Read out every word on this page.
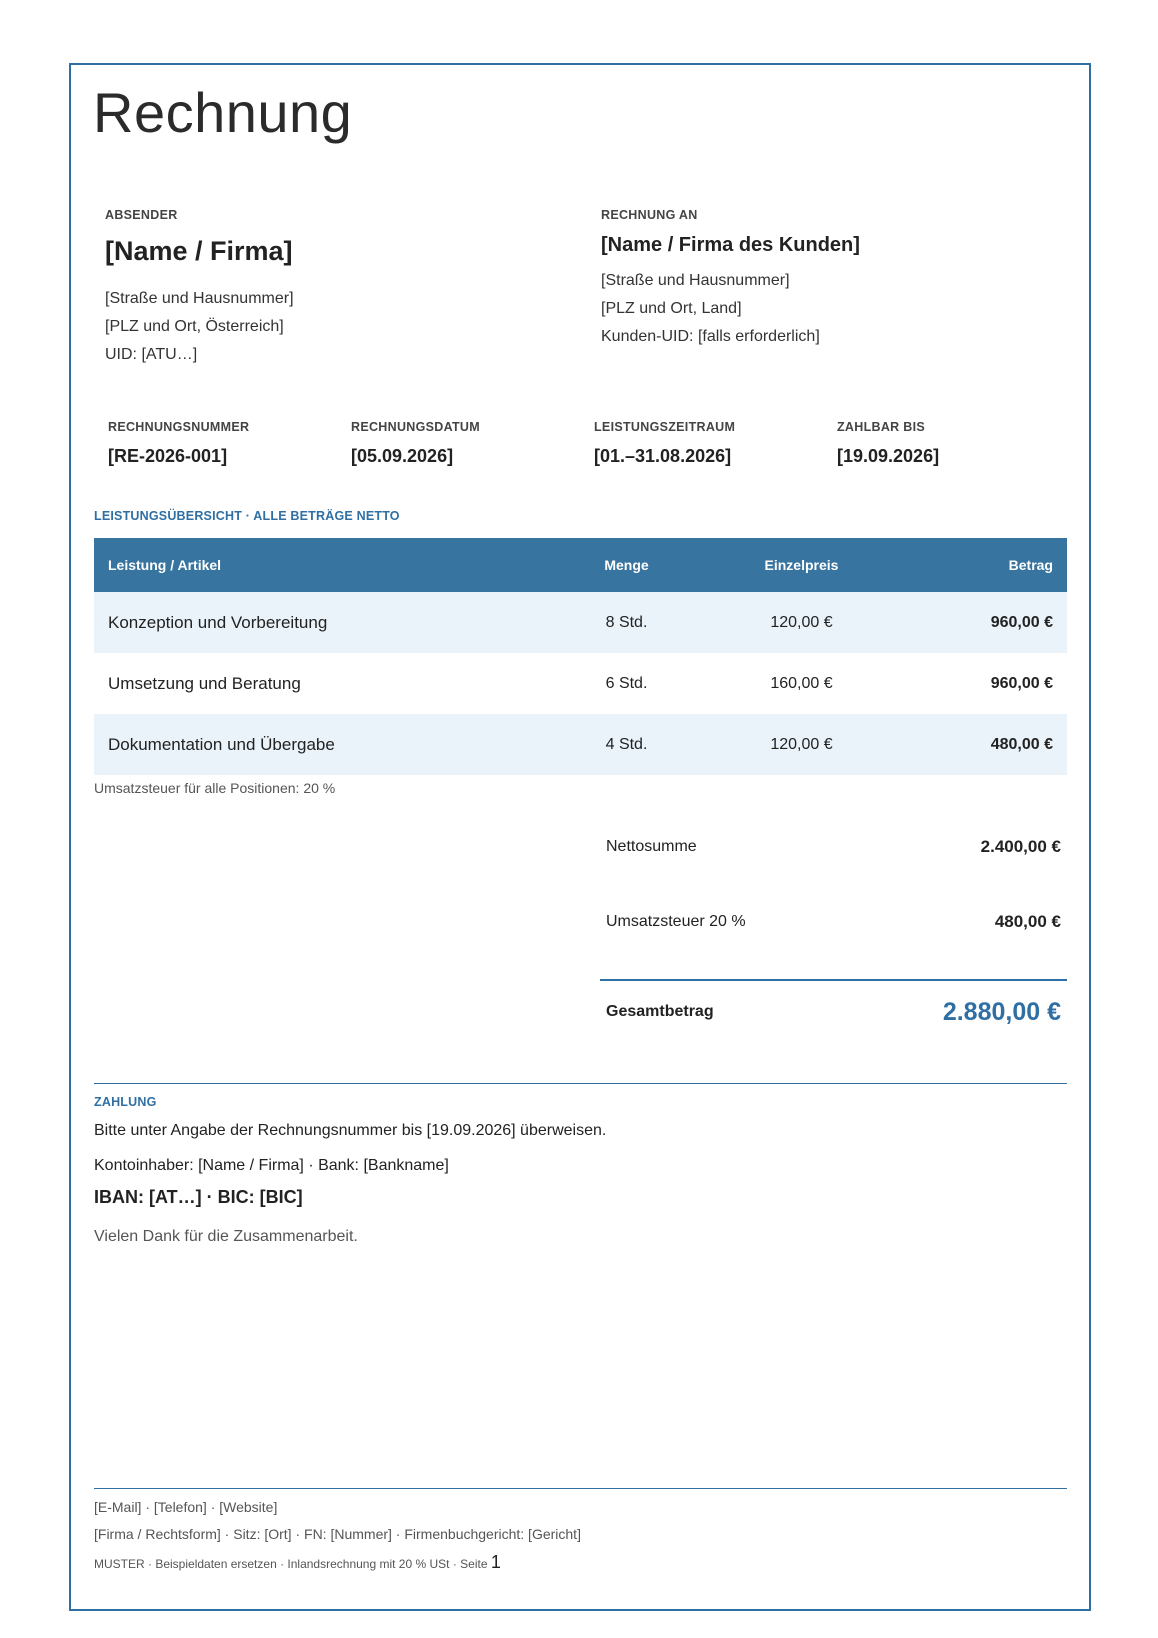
Rechnung
ABSENDER
[Name / Firma]
[Straße und Hausnummer]
[PLZ und Ort, Österreich]
UID: [ATU…]
RECHNUNG AN
[Name / Firma des Kunden]
[Straße und Hausnummer]
[PLZ und Ort, Land]
Kunden-UID: [falls erforderlich]
RECHNUNGSNUMMER
[RE-2026-001]
RECHNUNGSDATUM
[05.09.2026]
LEISTUNGSZEITRAUM
[01.–31.08.2026]
ZAHLBAR BIS
[19.09.2026]
LEISTUNGSÜBERSICHT · ALLE BETRÄGE NETTO
Leistung / Artikel	Menge	Einzelpreis	Betrag
Konzeption und Vorbereitung	8 Std.	120,00 €	960,00 €
Umsetzung und Beratung	6 Std.	160,00 €	960,00 €
Dokumentation und Übergabe	4 Std.	120,00 €	480,00 €
Umsatzsteuer für alle Positionen: 20 %
Nettosumme	2.400,00 €
Umsatzsteuer 20 %	480,00 €
Gesamtbetrag	2.880,00 €
ZAHLUNG
Bitte unter Angabe der Rechnungsnummer bis [19.09.2026] überweisen.
Kontoinhaber: [Name / Firma] · Bank: [Bankname]
IBAN: [AT…] · BIC: [BIC]
Vielen Dank für die Zusammenarbeit.
[E-Mail] · [Telefon] · [Website]
[Firma / Rechtsform] · Sitz: [Ort] · FN: [Nummer] · Firmenbuchgericht: [Gericht]
MUSTER · Beispieldaten ersetzen · Inlandsrechnung mit 20 % USt · Seite 1
